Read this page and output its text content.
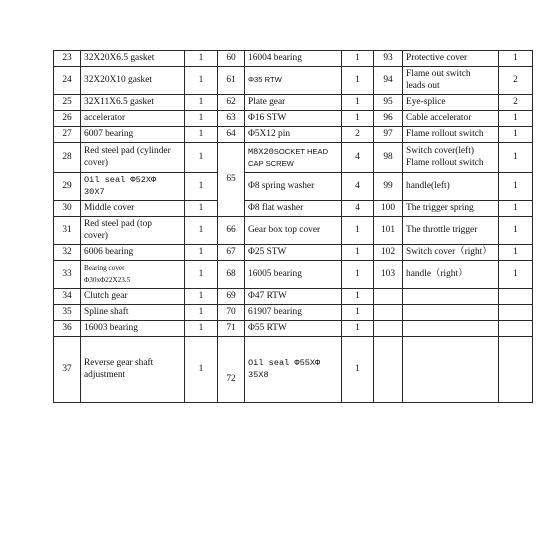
23	32X20X6.5 gasket	1	60	16004 bearing	1	93	Protective cover	1
24	32X20X10 gasket	1	61	Φ35 RTW	1	94	Flame out switch
leads out	2
25	32X11X6.5 gasket	1	62	Plate gear	1	95	Eye-splice	2
26	accelerator	1	63	Φ16 STW	1	96	Cable accelerator	1
27	6007 bearing	1	64	Φ5X12 pin	2	97	Flame rollout switch	1
28	Red steel pad (cylinder
cover)	1	65	M8X20SOCKET HEAD
CAP SCREW	4	98	Switch cover(left)
Flame rollout switch	1
29	Oil seal Φ52XΦ
30X7	1		Φ8 spring washer	4	99	handle(left)	1
30	Middle cover	1		Φ8 flat washer	4	100	The trigger spring	1
31	Red steel pad (top
cover)	1	66	Gear box top cover	1	101	The throttle trigger	1
32	6006 bearing	1	67	Φ25 STW	1	102	Switch cover（right）	1
33	Bearing cover
Φ30xΦ22X23.5	1	68	16005 bearing	1	103	handle（right）	1
34	Clutch gear	1	69	Φ47 RTW	1			
35	Spline shaft	1	70	61907 bearing	1			
36	16003 bearing	1	71	Φ55 RTW	1			
37	Reverse gear shaft
adjustment	1	72	Oil seal Φ55XΦ
35X8	1			
